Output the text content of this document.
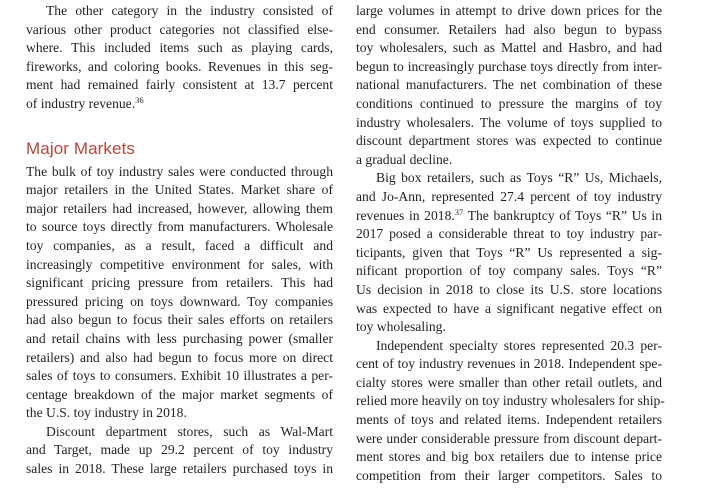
The other category in the industry consisted of
various other product categories not classified else-
where. This included items such as playing cards,
fireworks, and coloring books. Revenues in this seg-
ment had remained fairly consistent at 13.7 percent
of industry revenue.$^{36}$
Major Markets
The bulk of toy industry sales were conducted through
major retailers in the United States. Market share of
major retailers had increased, however, allowing them
to source toys directly from manufacturers. Wholesale
toy companies, as a result, faced a difficult and
increasingly competitive environment for sales, with
significant pricing pressure from retailers. This had
pressured pricing on toys downward. Toy companies
had also begun to focus their sales efforts on retailers
and retail chains with less purchasing power (smaller
retailers) and also had begun to focus more on direct
sales of toys to consumers. Exhibit 10 illustrates a per-
centage breakdown of the major market segments of
the U.S. toy industry in 2018.
Discount department stores, such as Wal-Mart
and Target, made up 29.2 percent of toy industry
sales in 2018. These large retailers purchased toys in
large volumes in attempt to drive down prices for the
end consumer. Retailers had also begun to bypass
toy wholesalers, such as Mattel and Hasbro, and had
begun to increasingly purchase toys directly from inter-
national manufacturers. The net combination of these
conditions continued to pressure the margins of toy
industry wholesalers. The volume of toys supplied to
discount department stores was expected to continue
a gradual decline.
Big box retailers, such as Toys “R” Us, Michaels,
and Jo-Ann, represented 27.4 percent of toy industry
revenues in 2018.37 The bankruptcy of Toys “R” Us in
2017 posed a considerable threat to toy industry par-
ticipants, given that Toys “R” Us represented a sig-
nificant proportion of toy company sales. Toys “R”
Us decision in 2018 to close its U.S. store locations
was expected to have a significant negative effect on
toy wholesaling.
Independent specialty stores represented 20.3 per-
cent of toy industry revenues in 2018. Independent spe-
cialty stores were smaller than other retail outlets, and
relied more heavily on toy industry wholesalers for ship-
ments of toys and related items. Independent retailers
were under considerable pressure from discount depart-
ment stores and big box retailers due to intense price
competition from their larger competitors. Sales to
